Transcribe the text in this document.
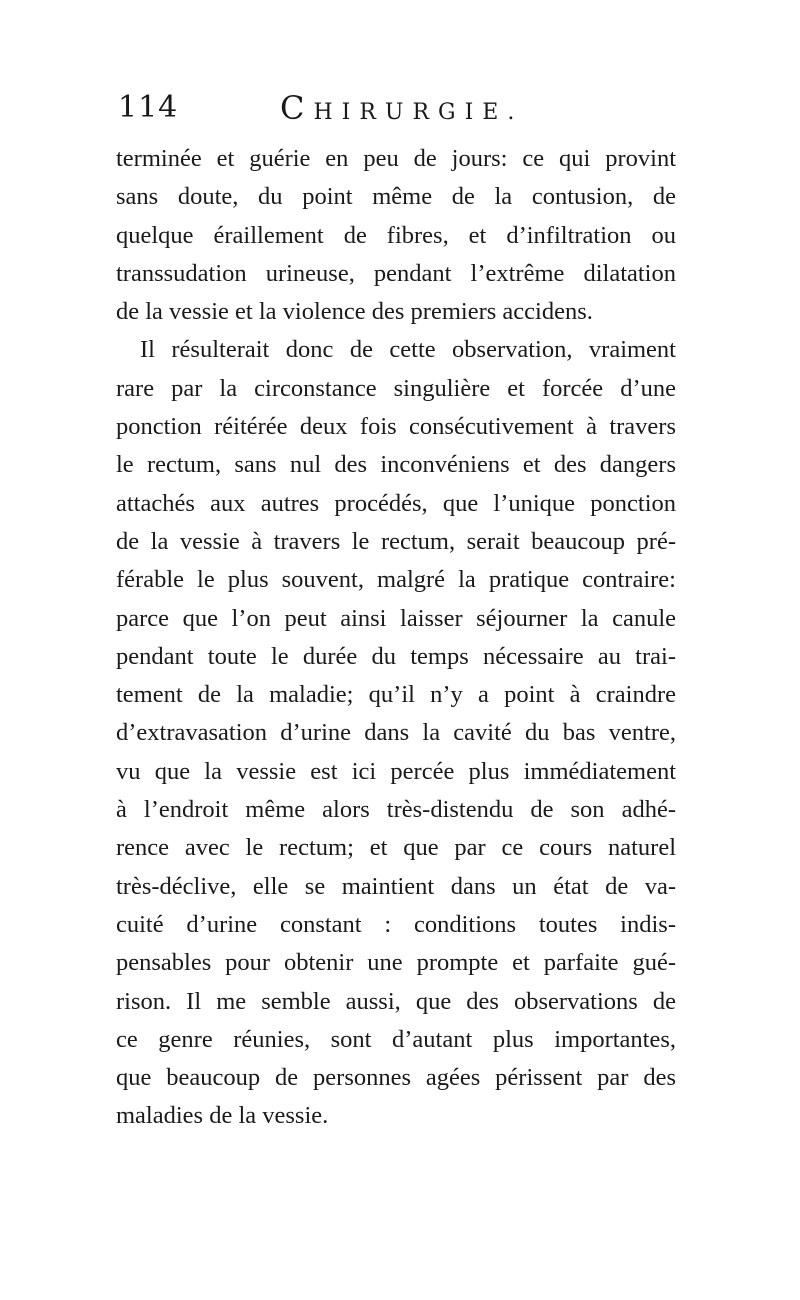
114	CHIRURGIE.
terminée et guérie en peu de jours: ce qui provint
sans doute, du point même de la contusion, de
quelque éraillement de fibres, et d’infiltration ou
transsudation urineuse, pendant l’extrême dilatation
de la vessie et la violence des premiers accidens.
Il résulterait donc de cette observation, vraiment
rare par la circonstance singulière et forcée d’une
ponction réitérée deux fois consécutivement à travers
le rectum, sans nul des inconvéniens et des dangers
attachés aux autres procédés, que l’unique ponction
de la vessie à travers le rectum, serait beaucoup pré-
férable le plus souvent, malgré la pratique contraire:
parce que l’on peut ainsi laisser séjourner la canule
pendant toute le durée du temps nécessaire au trai-
tement de la maladie; qu’il n’y a point à craindre
d’extravasation d’urine dans la cavité du bas ventre,
vu que la vessie est ici percée plus immédiatement
à l’endroit même alors très-distendu de son adhé-
rence avec le rectum; et que par ce cours naturel
très-déclive, elle se maintient dans un état de va-
cuité d’urine constant : conditions toutes indis-
pensables pour obtenir une prompte et parfaite gué-
rison. Il me semble aussi, que des observations de
ce genre réunies, sont d’autant plus importantes,
que beaucoup de personnes agées périssent par des
maladies de la vessie.
